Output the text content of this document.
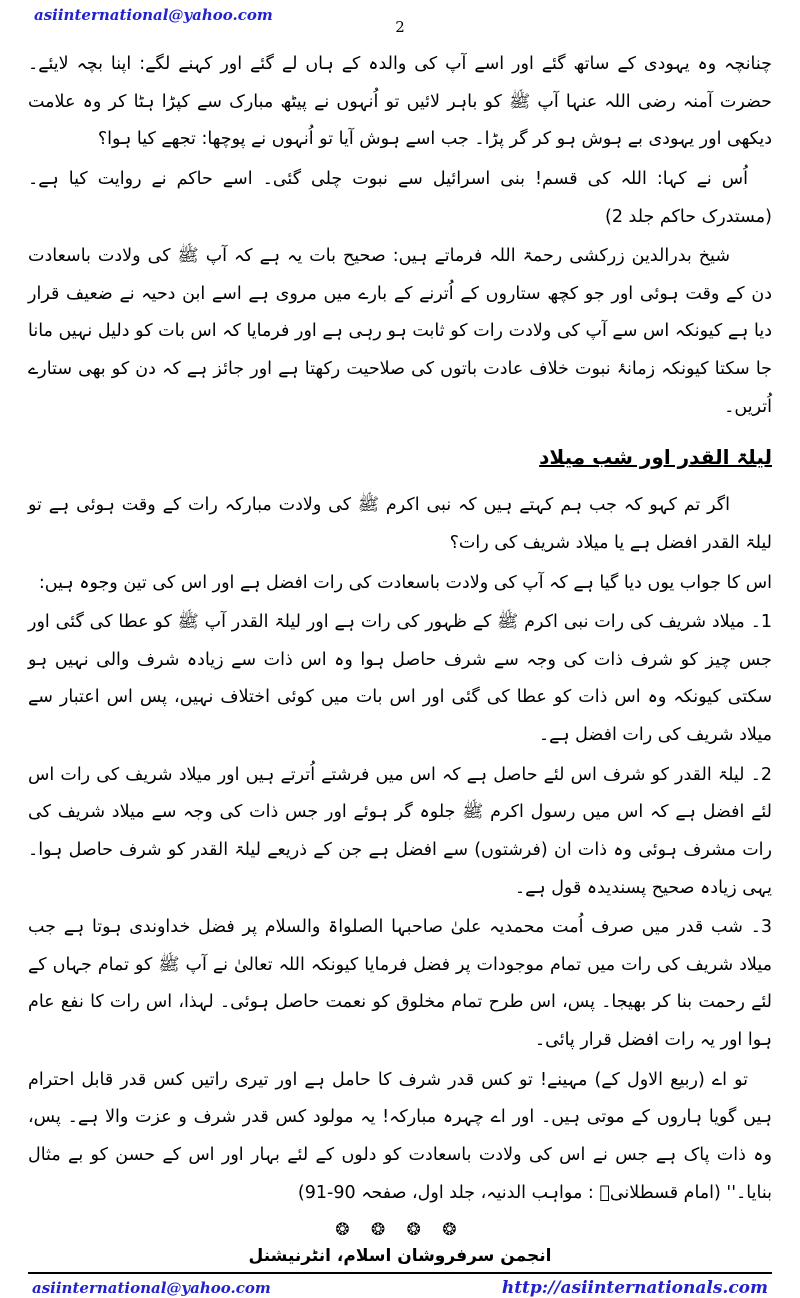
asiinternational@yahoo.com
2

چنانچہ وہ یہودی کے ساتھ گئے اور اسے آپ کی والدہ کے ہاں لے گئے اور کہنے لگے: اپنا بچہ لایئے۔ حضرت آمنہ رضی اللہ عنہا آپ ﷺ کو باہر لائیں تو اُنہوں نے پیٹھ مبارک سے کپڑا ہٹا کر وہ علامت دیکھی اور یہودی بے ہوش ہو کر گر پڑا۔ جب اسے ہوش آیا تو اُنہوں نے پوچھا: تجھے کیا ہوا؟

اُس نے کہا: اللہ کی قسم! بنی اسرائیل سے نبوت چلی گئی۔ اسے حاکم نے روایت کیا ہے۔ (مستدرک حاکم جلد 2)

شیخ بدرالدین زرکشی رحمۃ اللہ فرماتے ہیں: صحیح بات یہ ہے کہ آپ ﷺ کی ولادت باسعادت دن کے وقت ہوئی اور جو کچھ ستاروں کے اُترنے کے بارے میں مروی ہے اسے ابن دحیہ نے ضعیف قرار دیا ہے کیونکہ اس سے آپ کی ولادت رات کو ثابت ہو رہی ہے اور فرمایا کہ اس بات کو دلیل نہیں مانا جا سکتا کیونکہ زمانۂ نبوت خلاف عادت باتوں کی صلاحیت رکھتا ہے اور جائز ہے کہ دن کو بھی ستارے اُتریں۔

لیلۃ القدر اور شب میلاد

اگر تم کہو کہ جب ہم کہتے ہیں کہ نبی اکرم ﷺ کی ولادت مبارکہ رات کے وقت ہوئی ہے تو لیلۃ القدر افضل ہے یا میلاد شریف کی رات؟

اس کا جواب یوں دیا گیا ہے کہ آپ کی ولادت باسعادت کی رات افضل ہے اور اس کی تین وجوہ ہیں:

1۔ میلاد شریف کی رات نبی اکرم ﷺ کے ظہور کی رات ہے اور لیلۃ القدر آپ ﷺ کو عطا کی گئی اور جس چیز کو شرف ذات کی وجہ سے شرف حاصل ہوا وہ اس ذات سے زیادہ شرف والی نہیں ہو سکتی کیونکہ وہ اس ذات کو عطا کی گئی اور اس بات میں کوئی اختلاف نہیں، پس اس اعتبار سے میلاد شریف کی رات افضل ہے۔

2۔ لیلۃ القدر کو شرف اس لئے حاصل ہے کہ اس میں فرشتے اُترتے ہیں اور میلاد شریف کی رات اس لئے افضل ہے کہ اس میں رسول اکرم ﷺ جلوہ گر ہوئے اور جس ذات کی وجہ سے میلاد شریف کی رات مشرف ہوئی وہ ذات ان (فرشتوں) سے افضل ہے جن کے ذریعے لیلۃ القدر کو شرف حاصل ہوا۔ یہی زیادہ صحیح پسندیدہ قول ہے۔

3۔ شب قدر میں صرف اُمت محمدیہ علیٰ صاحبہا الصلواۃ والسلام پر فضل خداوندی ہوتا ہے جب میلاد شریف کی رات میں تمام موجودات پر فضل فرمایا کیونکہ اللہ تعالیٰ نے آپ ﷺ کو تمام جہاں کے لئے رحمت بنا کر بھیجا۔ پس، اس طرح تمام مخلوق کو نعمت حاصل ہوئی۔ لہذا، اس رات کا نفع عام ہوا اور یہ رات افضل قرار پائی۔

تو اے (ربیع الاول کے) مہینے! تو کس قدر شرف کا حامل ہے اور تیری راتیں کس قدر قابل احترام ہیں گویا ہاروں کے موتی ہیں۔ اور اے چہرہ مبارکہ! یہ مولود کس قدر شرف و عزت والا ہے۔ پس، وہ ذات پاک ہے جس نے اس کی ولادت باسعادت کو دلوں کے لئے بہار اور اس کے حسن کو بے مثال بنایا۔'' (امام قسطلانیؒ : مواہب الدنیہ، جلد اول، صفحہ 90-91)

❂ ❂ ❂ ❂
انجمن سرفروشان اسلام، انٹرنیشنل
asiinternational@yahoo.com	http://asiinternationals.com
